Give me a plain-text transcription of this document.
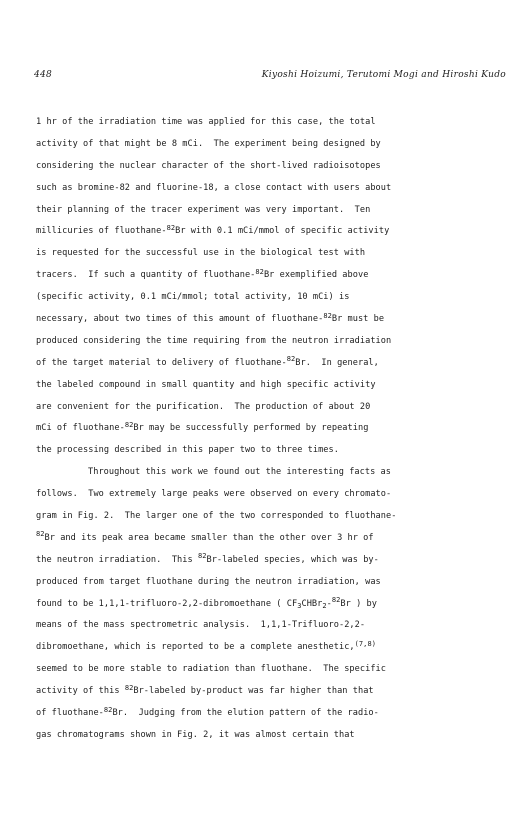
448	Kiyoshi Hoizumi, Terutomi Mogi and Hiroshi Kudo
1 hr of the irradiation time was applied for this case, the total
activity of that might be 8 mCi.  The experiment being designed by
considering the nuclear character of the short-lived radioisotopes
such as bromine-82 and fluorine-18, a close contact with users about
their planning of the tracer experiment was very important.  Ten
millicuries of fluothane-$^{82}$Br with 0.1 mCi/mmol of specific activity
is requested for the successful use in the biological test with
tracers.  If such a quantity of fluothane-$^{82}$Br exemplified above
(specific activity, 0.1 mCi/mmol; total activity, 10 mCi) is
necessary, about two times of this amount of fluothane-$^{82}$Br must be
produced considering the time requiring from the neutron irradiation
of the target material to delivery of fluothane-$^{82}$Br.  In general,
the labeled compound in small quantity and high specific activity
are convenient for the purification.  The production of about 20
mCi of fluothane-$^{82}$Br may be successfully performed by repeating
the processing described in this paper two to three times.
Throughout this work we found out the interesting facts as
follows.  Two extremely large peaks were observed on every chromato-
gram in Fig. 2.  The larger one of the two corresponded to fluothane-
$^{82}$Br and its peak area became smaller than the other over 3 hr of
the neutron irradiation.  This $^{82}$Br-labeled species, which was by-
produced from target fluothane during the neutron irradiation, was
found to be 1,1,1-trifluoro-2,2-dibromoethane ( $CF_3CHBr_2-^{82}Br$ ) by
means of the mass spectrometric analysis.  1,1,1-Trifluoro-2,2-
dibromoethane, which is reported to be a complete anesthetic,$^{(7,8)}$
seemed to be more stable to radiation than fluothane.  The specific
activity of this $^{82}$Br-labeled by-product was far higher than that
of fluothane-$^{82}$Br.  Judging from the elution pattern of the radio-
gas chromatograms shown in Fig. 2, it was almost certain that
